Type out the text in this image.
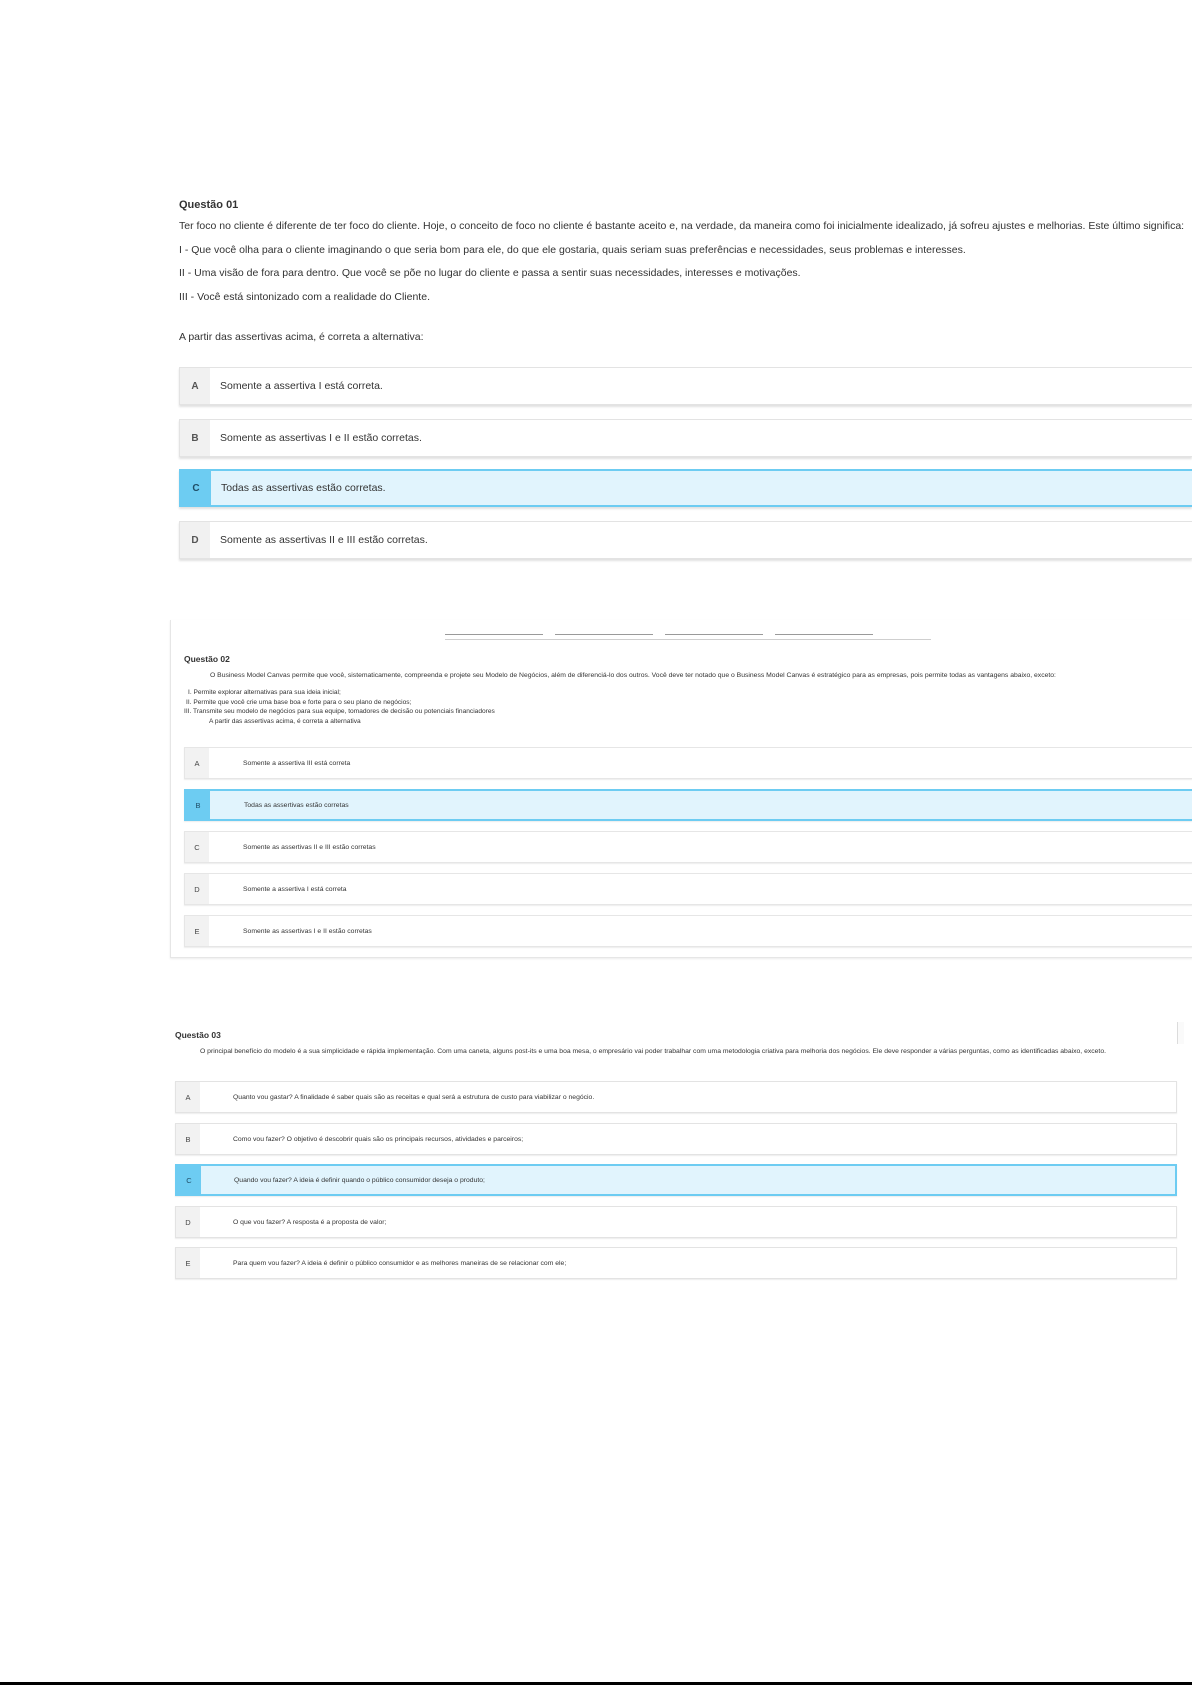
Questão 01

Ter foco no cliente é diferente de ter foco do cliente. Hoje, o conceito de foco no cliente é bastante aceito e, na verdade, da maneira como foi inicialmente idealizado, já sofreu ajustes e melhorias. Este último significa:

I - Que você olha para o cliente imaginando o que seria bom para ele, do que ele gostaria, quais seriam suas preferências e necessidades, seus problemas e interesses.

II - Uma visão de fora para dentro. Que você se põe no lugar do cliente e passa a sentir suas necessidades, interesses e motivações.

III - Você está sintonizado com a realidade do Cliente.

A partir das assertivas acima, é correta a alternativa:

A	Somente a assertiva I está correta.
B	Somente as assertivas I e II estão corretas.
C	Todas as assertivas estão corretas.
D	Somente as assertivas II e III estão corretas.

Questão 02

O Business Model Canvas permite que você, sistematicamente, compreenda e projete seu Modelo de Negócios, além de diferenciá-lo dos outros. Você deve ter notado que o Business Model Canvas é estratégico para as empresas, pois permite todas as vantagens abaixo, exceto:

I. Permite explorar alternativas para sua ideia inicial;

II. Permite que você crie uma base boa e forte para o seu plano de negócios;

III. Transmite seu modelo de negócios para sua equipe, tomadores de decisão ou potenciais financiadores

A partir das assertivas acima, é correta a alternativa

A	Somente a assertiva III está correta
B	Todas as assertivas estão corretas
C	Somente as assertivas II e III estão corretas
D	Somente a assertiva I está correta
E	Somente as assertivas I e II estão corretas

Questão 03

O principal benefício do modelo é a sua simplicidade e rápida implementação. Com uma caneta, alguns post-its e uma boa mesa, o empresário vai poder trabalhar com uma metodologia criativa para melhoria dos negócios. Ele deve responder a várias perguntas, como as identificadas abaixo, exceto.

A	Quanto vou gastar? A finalidade é saber quais são as receitas e qual será a estrutura de custo para viabilizar o negócio.
B	Como vou fazer? O objetivo é descobrir quais são os principais recursos, atividades e parceiros;
C	Quando vou fazer? A ideia é definir quando o público consumidor deseja o produto;
D	O que vou fazer? A resposta é a proposta de valor;
E	Para quem vou fazer? A ideia é definir o público consumidor e as melhores maneiras de se relacionar com ele;
